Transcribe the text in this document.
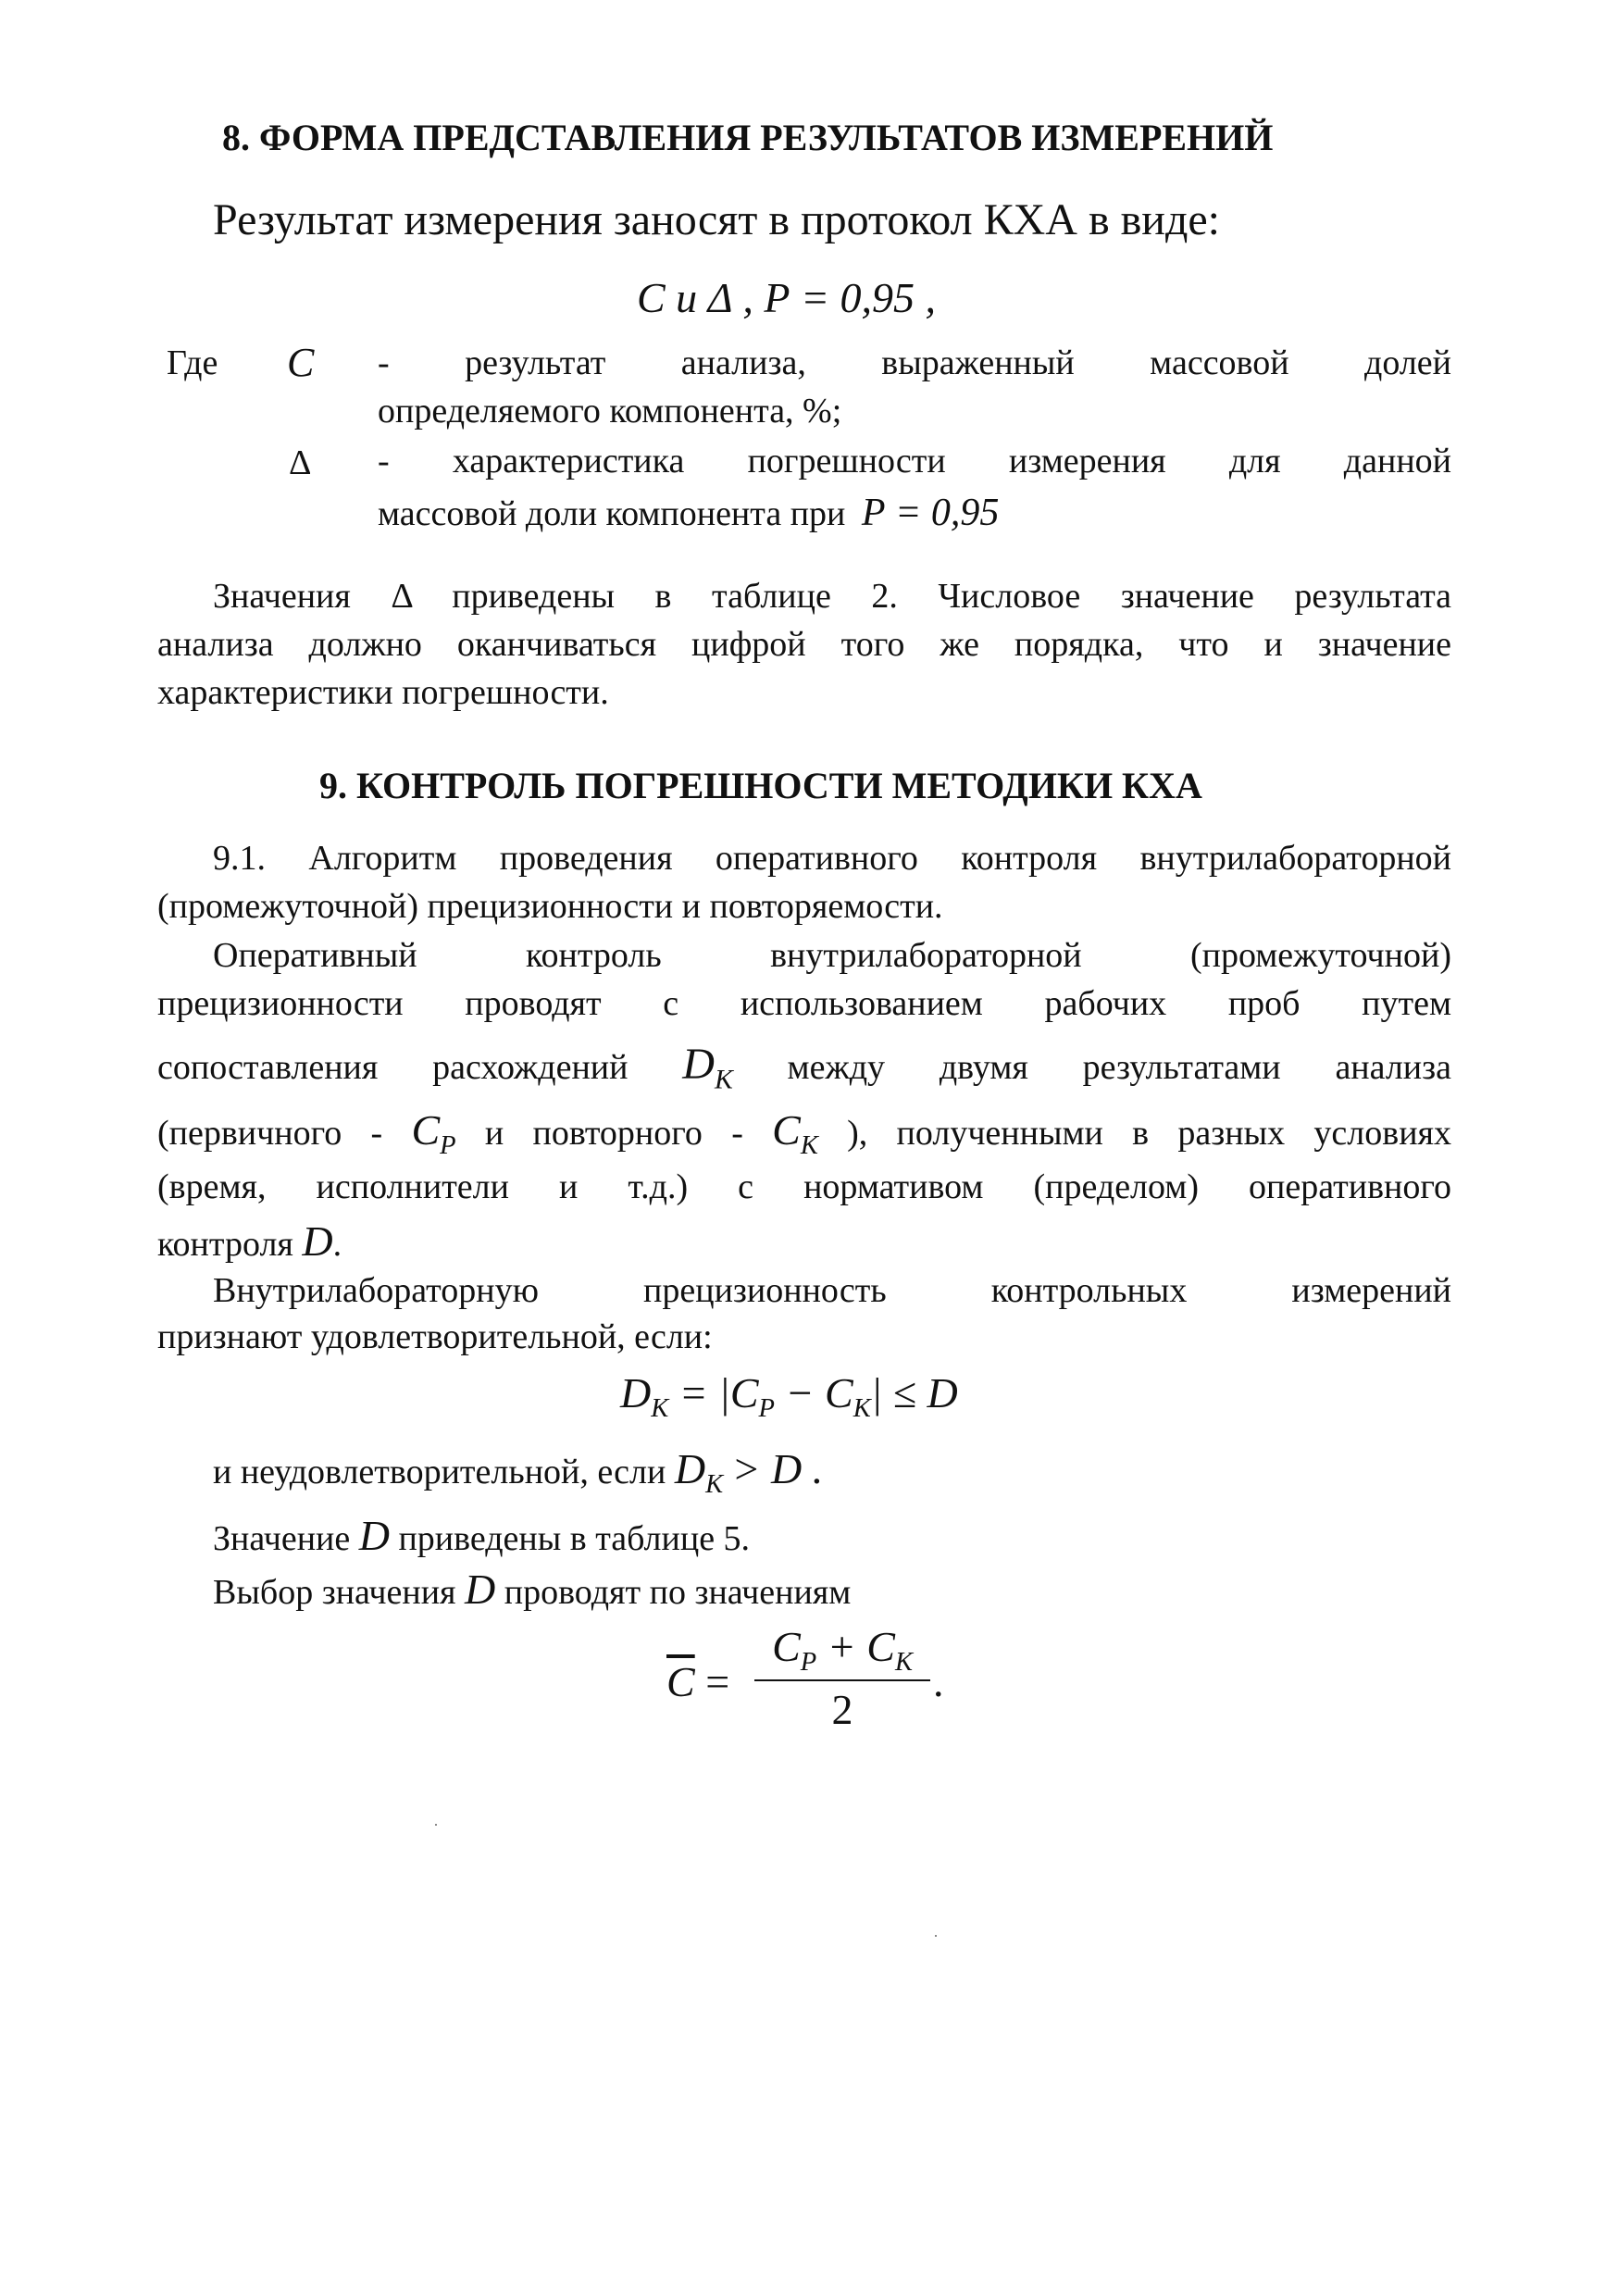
8. ФОРМА ПРЕДСТАВЛЕНИЯ РЕЗУЛЬТАТОВ ИЗМЕРЕНИЙ
Результат измерения заносят в протокол КХА в виде:
С и Δ , Р = 0,95 ,
Где С - результат анализа, выраженный массовой долей
определяемого компонента, %;
Δ - характеристика погрешности измерения для данной
массовой доли компонента при Р = 0,95
Значения Δ приведены в таблице 2. Числовое значение результата
анализа должно оканчиваться цифрой того же порядка, что и значение
характеристики погрешности.
9. КОНТРОЛЬ ПОГРЕШНОСТИ МЕТОДИКИ КХА
9.1. Алгоритм проведения оперативного контроля внутрилабораторной
(промежуточной) прецизионности и повторяемости.
Оперативный контроль внутрилабораторной (промежуточной)
прецизионности проводят с использованием рабочих проб путем
сопоставления расхождений $D_К$ между двумя результатами анализа
(первичного - $С_Р$ и повторного - $С_К$ ), полученными в разных условиях
(время, исполнители и т.д.) с нормативом (пределом) оперативного
контроля D.
Внутрилабораторную прецизионность контрольных измерений
признают удовлетворительной, если:
$D_К = |С_Р - С_К| \le D$
и неудовлетворительной, если $D_К > D$ .
Значение D приведены в таблице 5.
Выбор значения D проводят по значениям
С =
$С_Р + С_К$
2
.
